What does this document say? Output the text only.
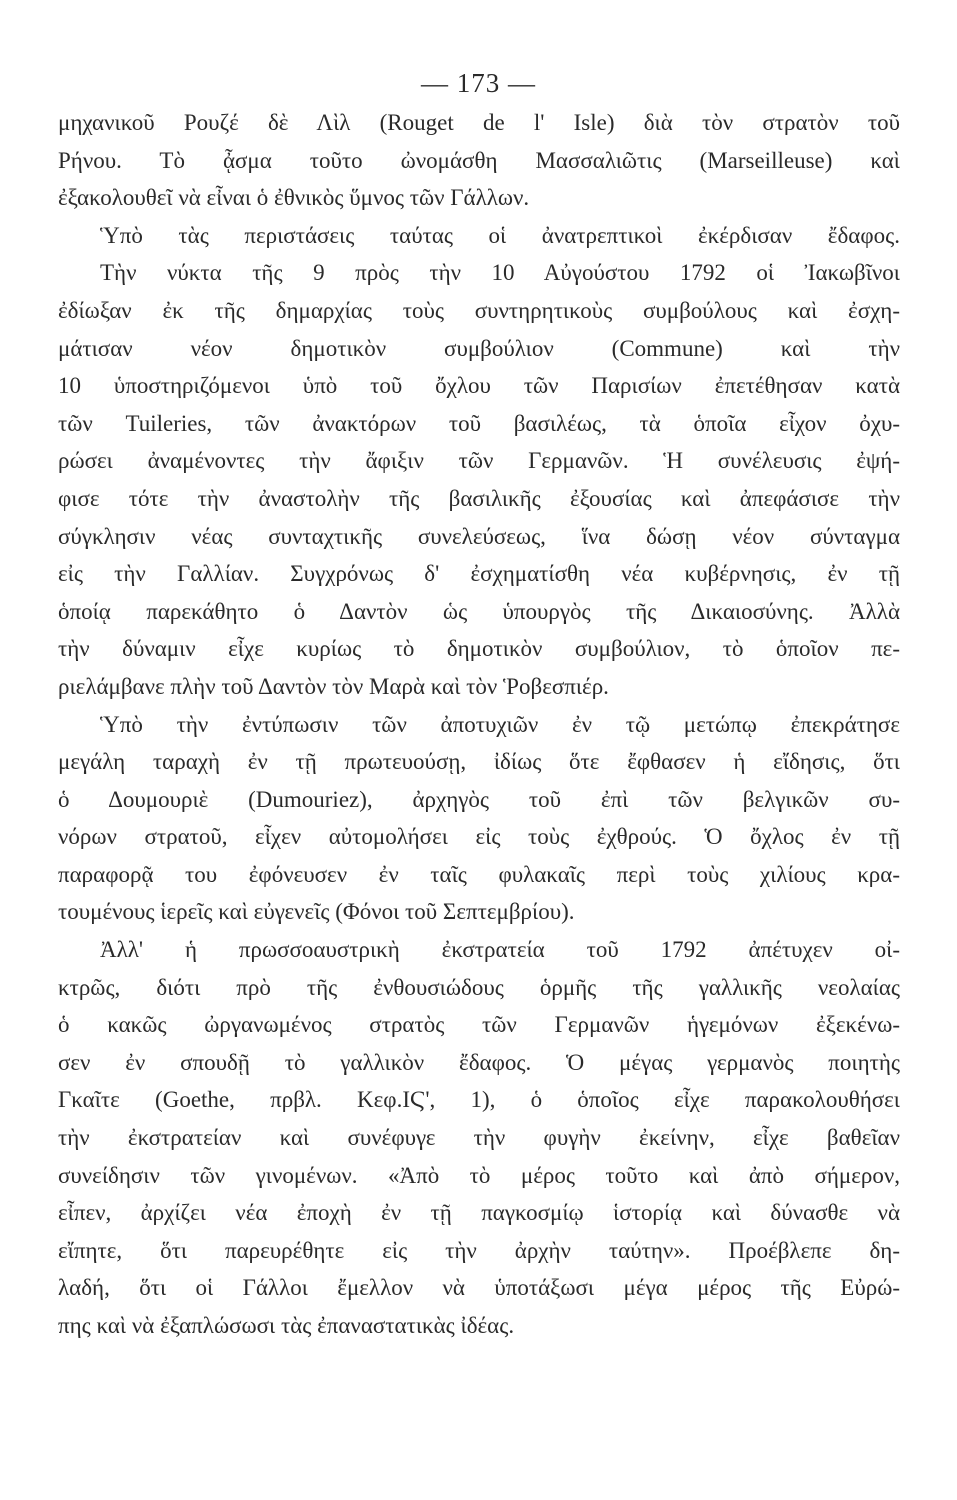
— 173 —
μηχανικοῦ Ρουζέ δὲ Λὶλ (Rouget de l' Isle) διὰ τὸν στρατὸν τοῦ
Ρήνου. Τὸ ᾆσμα τοῦτο ὠνομάσθη Μασσαλιῶτις (Marseilleuse) καὶ
ἐξακολουθεῖ νὰ εἶναι ὁ ἐθνικὸς ὕμνος τῶν Γάλλων.
Ὑπὸ τὰς περιστάσεις ταύτας οἱ ἀνατρεπτικοὶ ἐκέρδισαν ἔδαφος.
Τὴν νύκτα τῆς 9 πρὸς τὴν 10 Αὐγούστου 1792 οἱ Ἰακωβῖνοι
ἐδίωξαν ἐκ τῆς δημαρχίας τοὺς συντηρητικοὺς συμβούλους καὶ ἐσχη-
μάτισαν νέον δημοτικὸν συμβούλιον (Commune) καὶ τὴν
10 ὑποστηριζόμενοι ὑπὸ τοῦ ὄχλου τῶν Παρισίων ἐπετέθησαν κατὰ
τῶν Tuileries, τῶν ἀνακτόρων τοῦ βασιλέως, τὰ ὁποῖα εἶχον ὀχυ-
ρώσει ἀναμένοντες τὴν ἄφιξιν τῶν Γερμανῶν. Ἡ συνέλευσις ἐψή-
φισε τότε τὴν ἀναστολὴν τῆς βασιλικῆς ἐξουσίας καὶ ἀπεφάσισε τὴν
σύγκλησιν νέας συνταχτικῆς συνελεύσεως, ἵνα δώσῃ νέον σύνταγμα
εἰς τὴν Γαλλίαν. Συγχρόνως δ' ἐσχηματίσθη νέα κυβέρνησις, ἐν τῇ
ὁποίᾳ παρεκάθητο ὁ Δαντὸν ὡς ὑπουργὸς τῆς Δικαιοσύνης. Ἀλλὰ
τὴν δύναμιν εἶχε κυρίως τὸ δημοτικὸν συμβούλιον, τὸ ὁποῖον πε-
ριελάμβανε πλὴν τοῦ Δαντὸν τὸν Μαρὰ καὶ τὸν Ῥοβεσπιέρ.
Ὑπὸ τὴν ἐντύπωσιν τῶν ἀποτυχιῶν ἐν τῷ μετώπῳ ἐπεκράτησε
μεγάλη ταραχὴ ἐν τῇ πρωτευούσῃ, ἰδίως ὅτε ἔφθασεν ἡ εἴδησις, ὅτι
ὁ Δουμουριὲ (Dumouriez), ἀρχηγὸς τοῦ ἐπὶ τῶν βελγικῶν συ-
νόρων στρατοῦ, εἶχεν αὐτομολήσει εἰς τοὺς ἐχθρούς. Ὁ ὄχλος ἐν τῇ
παραφορᾷ του ἐφόνευσεν ἐν ταῖς φυλακαῖς περὶ τοὺς χιλίους κρα-
τουμένους ἱερεῖς καὶ εὐγενεῖς (Φόνοι τοῦ Σεπτεμβρίου).
Ἀλλ' ἡ πρωσσοαυστρικὴ ἐκστρατεία τοῦ 1792 ἀπέτυχεν οἰ-
κτρῶς, διότι πρὸ τῆς ἐνθουσιώδους ὁρμῆς τῆς γαλλικῆς νεολαίας
ὁ κακῶς ὠργανωμένος στρατὸς τῶν Γερμανῶν ἡγεμόνων ἐξεκένω-
σεν ἐν σπουδῇ τὸ γαλλικὸν ἔδαφος. Ὁ μέγας γερμανὸς ποιητὴς
Γκαῖτε (Goethe, πρβλ. Κεφ.ΙϚ', 1), ὁ ὁποῖος εἶχε παρακολουθήσει
τὴν ἐκστρατείαν καὶ συνέφυγε τὴν φυγὴν ἐκείνην, εἶχε βαθεῖαν
συνείδησιν τῶν γινομένων. «Ἀπὸ τὸ μέρος τοῦτο καὶ ἀπὸ σήμερον,
εἶπεν, ἀρχίζει νέα ἐποχὴ ἐν τῇ παγκοσμίῳ ἱστορίᾳ καὶ δύνασθε νὰ
εἴπητε, ὅτι παρευρέθητε εἰς τὴν ἀρχὴν ταύτην». Προέβλεπε δη-
λαδή, ὅτι οἱ Γάλλοι ἔμελλον νὰ ὑποτάξωσι μέγα μέρος τῆς Εὐρώ-
πης καὶ νὰ ἐξαπλώσωσι τὰς ἐπαναστατικὰς ἰδέας.
